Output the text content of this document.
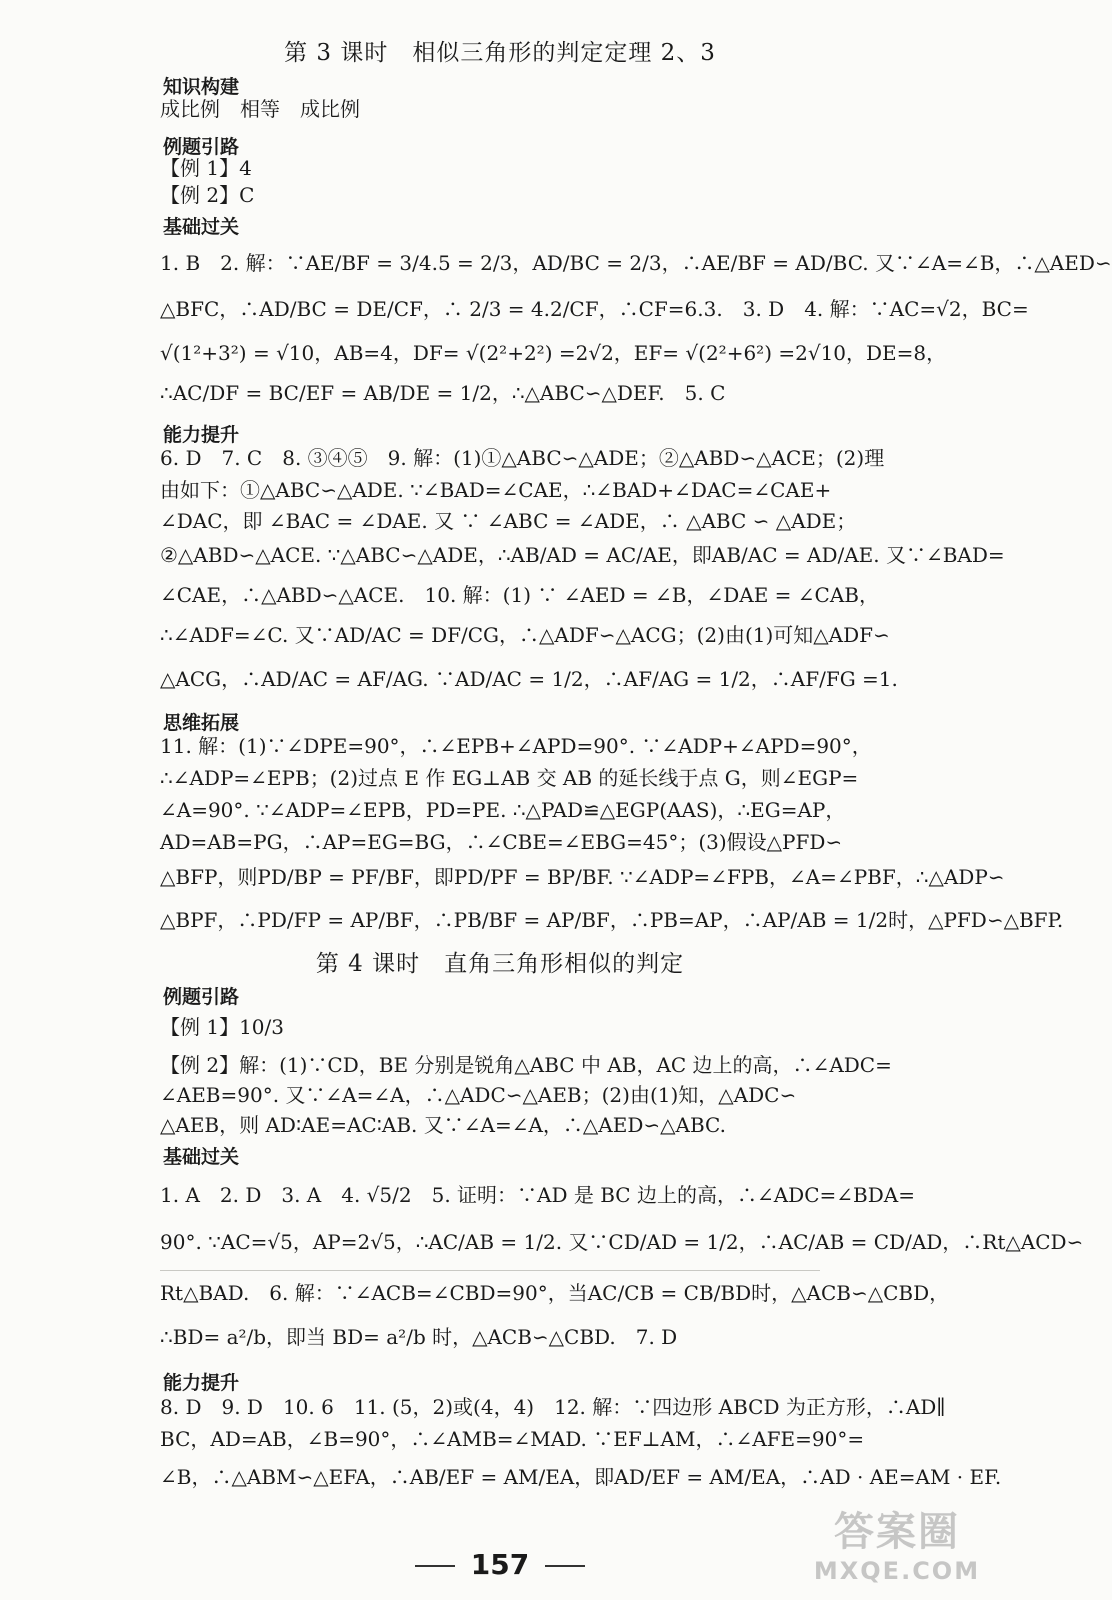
第 3 课时　相似三角形的判定定理 2、3
知识构建
成比例　相等　成比例
例题引路
【例 1】4
【例 2】C
基础过关
1. B　2. 解：∵AE/BF = 3/4.5 = 2/3，AD/BC = 2/3，∴AE/BF = AD/BC. 又∵∠A=∠B，∴△AED∽
△BFC，∴AD/BC = DE/CF，∴ 2/3 = 4.2/CF，∴CF=6.3.　3. D　4. 解：∵AC=√2，BC=
√(1²+3²) = √10，AB=4，DF= √(2²+2²) =2√2，EF= √(2²+6²) =2√10，DE=8，
∴AC/DF = BC/EF = AB/DE = 1/2，∴△ABC∽△DEF.　5. C
能力提升
6. D　7. C　8. ③④⑤　9. 解：(1)①△ABC∽△ADE；②△ABD∽△ACE；(2)理
由如下：①△ABC∽△ADE. ∵∠BAD=∠CAE，∴∠BAD+∠DAC=∠CAE+
∠DAC，即 ∠BAC = ∠DAE. 又 ∵ ∠ABC = ∠ADE，∴ △ABC ∽ △ADE；
②△ABD∽△ACE. ∵△ABC∽△ADE，∴AB/AD = AC/AE，即AB/AC = AD/AE. 又∵∠BAD=
∠CAE，∴△ABD∽△ACE.　10. 解：(1) ∵ ∠AED = ∠B，∠DAE = ∠CAB，
∴∠ADF=∠C. 又∵AD/AC = DF/CG，∴△ADF∽△ACG；(2)由(1)可知△ADF∽
△ACG，∴AD/AC = AF/AG. ∵AD/AC = 1/2，∴AF/AG = 1/2，∴AF/FG =1.
思维拓展
11. 解：(1)∵∠DPE=90°，∴∠EPB+∠APD=90°. ∵∠ADP+∠APD=90°，
∴∠ADP=∠EPB；(2)过点 E 作 EG⊥AB 交 AB 的延长线于点 G，则∠EGP=
∠A=90°. ∵∠ADP=∠EPB，PD=PE. ∴△PAD≌△EGP(AAS)，∴EG=AP，
AD=AB=PG，∴AP=EG=BG，∴∠CBE=∠EBG=45°；(3)假设△PFD∽
△BFP，则PD/BP = PF/BF，即PD/PF = BP/BF. ∵∠ADP=∠FPB，∠A=∠PBF，∴△ADP∽
△BPF，∴PD/FP = AP/BF，∴PB/BF = AP/BF，∴PB=AP，∴AP/AB = 1/2时，△PFD∽△BFP.
第 4 课时　直角三角形相似的判定
例题引路
【例 1】10/3
【例 2】解：(1)∵CD，BE 分别是锐角△ABC 中 AB，AC 边上的高，∴∠ADC=
∠AEB=90°. 又∵∠A=∠A，∴△ADC∽△AEB；(2)由(1)知，△ADC∽
△AEB，则 AD∶AE=AC∶AB. 又∵∠A=∠A，∴△AED∽△ABC.
基础过关
1. A　2. D　3. A　4. √5/2　5. 证明：∵AD 是 BC 边上的高，∴∠ADC=∠BDA=
90°. ∵AC=√5，AP=2√5，∴AC/AB = 1/2. 又∵CD/AD = 1/2，∴AC/AB = CD/AD，∴Rt△ACD∽
Rt△BAD.　6. 解：∵∠ACB=∠CBD=90°，当AC/CB = CB/BD时，△ACB∽△CBD，
∴BD= a²/b，即当 BD= a²/b 时，△ACB∽△CBD.　7. D
能力提升
8. D　9. D　10. 6　11. (5，2)或(4，4)　12. 解：∵四边形 ABCD 为正方形，∴AD∥
BC，AD=AB，∠B=90°，∴∠AMB=∠MAD. ∵EF⊥AM，∴∠AFE=90°=
∠B，∴△ABM∽△EFA，∴AB/EF = AM/EA，即AD/EF = AM/EA，∴AD · AE=AM · EF.
157
答案圈
MXQE.COM
